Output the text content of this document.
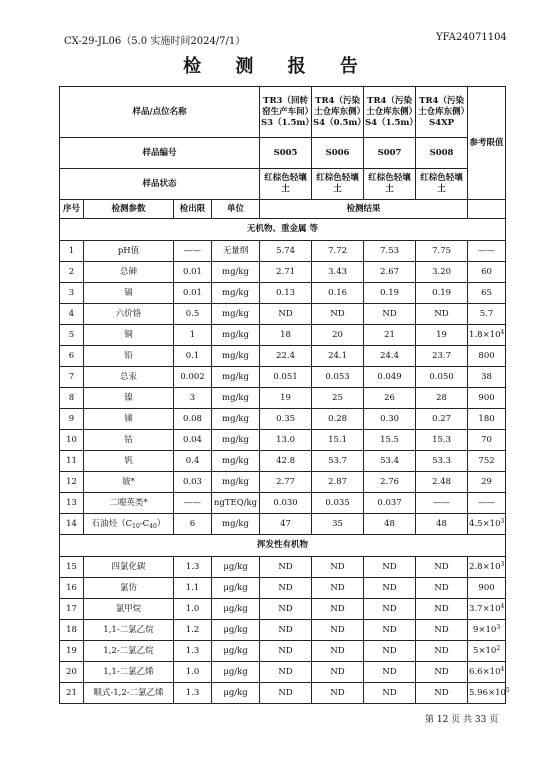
CX-29-JL06（5.0 实施时间2024/7/1）	YFA24071104
检 测 报 告
样品/点位名称				TR3（回转窑生产车间）S3（1.5m）	TR4（污染土仓库东侧）S4（0.5m）	TR4（污染土仓库东侧）S4（1.5m）	TR4（污染土仓库东侧）S4XP	参考限值
样品编号				S005	S006	S007	S008	
样品状态				红棕色轻壤土	红棕色轻壤土	红棕色轻壤土	红棕色轻壤土	
序号	检测参数	检出限	单位	检测结果				
无机物、重金属 等								
1	pH值	——	无量纲	5.74	7.72	7.53	7.75	——
2	总砷	0.01	mg/kg	2.71	3.43	2.67	3.20	60
3	镉	0.01	mg/kg	0.13	0.16	0.19	0.19	65
4	六价铬	0.5	mg/kg	ND	ND	ND	ND	5.7
5	铜	1	mg/kg	18	20	21	19	$1.8\times 10^4$
6	铅	0.1	mg/kg	22.4	24.1	24.4	23.7	800
7	总汞	0.002	mg/kg	0.051	0.053	0.049	0.050	38
8	镍	3	mg/kg	19	25	26	28	900
9	锑	0.08	mg/kg	0.35	0.28	0.30	0.27	180
10	钴	0.04	mg/kg	13.0	15.1	15.5	15.3	70
11	钒	0.4	mg/kg	42.8	53.7	53.4	53.3	752
12	铍*	0.03	mg/kg	2.77	2.87	2.76	2.48	29
13	二噁英类*	——	ngTEQ/kg	0.030	0.035	0.037	——	——
14	石油烃（C10-C40）	6	mg/kg	47	35	48	48	$4.5\times 10^3$
挥发性有机物								
15	四氯化碳	1.3	μg/kg	ND	ND	ND	ND	$2.8\times 10^3$
16	氯仿	1.1	μg/kg	ND	ND	ND	ND	900
17	氯甲烷	1.0	μg/kg	ND	ND	ND	ND	$3.7\times 10^4$
18	1,1-二氯乙烷	1.2	μg/kg	ND	ND	ND	ND	$9\times 10^3$
19	1,2-二氯乙烷	1.3	μg/kg	ND	ND	ND	ND	$5\times 10^2$
20	1,1-二氯乙烯	1.0	μg/kg	ND	ND	ND	ND	$6.6\times 10^4$
21	顺式-1,2-二氯乙烯	1.3	μg/kg	ND	ND	ND	ND	$5.96\times 10^5$
第 12 页 共 33 页
